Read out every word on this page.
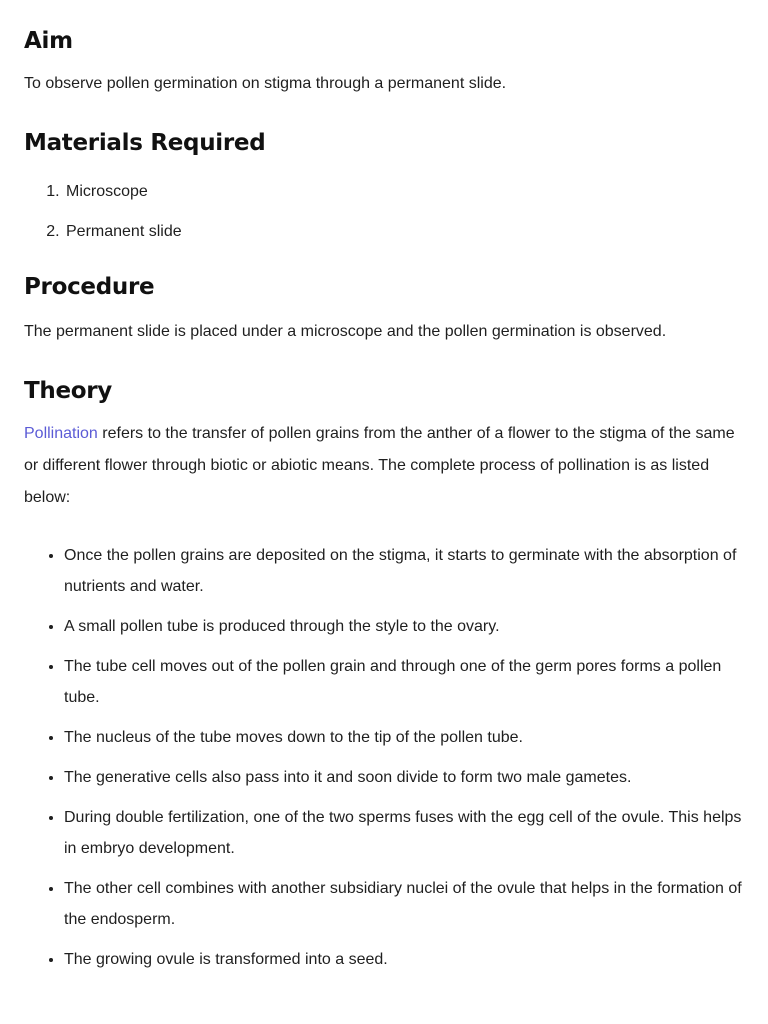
Aim

To observe pollen germination on stigma through a permanent slide.

Materials Required
1. Microscope
2. Permanent slide
Procedure

The permanent slide is placed under a microscope and the pollen germination is observed.

Theory

Pollination refers to the transfer of pollen grains from the anther of a flower to the stigma of the same or different flower through biotic or abiotic means. The complete process of pollination is as listed below:

• Once the pollen grains are deposited on the stigma, it starts to germinate with the absorption of nutrients and water.
• A small pollen tube is produced through the style to the ovary.
• The tube cell moves out of the pollen grain and through one of the germ pores forms a pollen tube.
• The nucleus of the tube moves down to the tip of the pollen tube.
• The generative cells also pass into it and soon divide to form two male gametes.
• During double fertilization, one of the two sperms fuses with the egg cell of the ovule. This helps in embryo development.
• The other cell combines with another subsidiary nuclei of the ovule that helps in the formation of the endosperm.
• The growing ovule is transformed into a seed.
